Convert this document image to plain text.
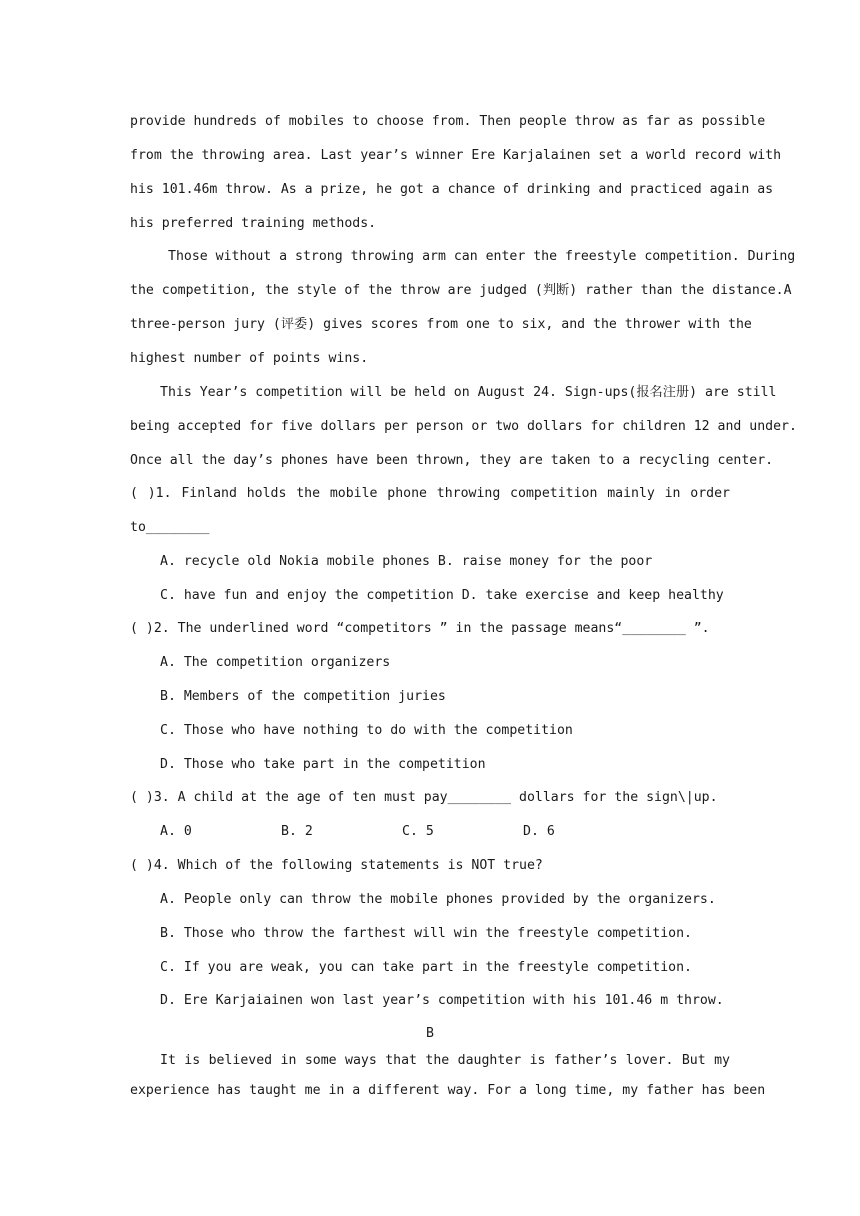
provide hundreds of mobiles to choose from. Then people throw as far as possible
from the throwing area. Last year’s winner Ere Karjalainen set a world record with
his 101.46m throw. As a prize, he got a chance of drinking and practiced again as
his preferred training methods.
Those without a strong throwing arm can enter the freestyle competition. During
the competition, the style of the throw are judged (判断) rather than the distance.A
three-person jury (评委) gives scores from one to six, and the thrower with the
highest number of points wins.
This Year’s competition will be held on August 24. Sign-ups(报名注册) are still
being accepted for five dollars per person or two dollars for children 12 and under.
Once all the day’s phones have been thrown, they are taken to a recycling center.
( )1. Finland holds the mobile phone throwing competition mainly in order
to________
A. recycle old Nokia mobile phones B. raise money for the poor
C. have fun and enjoy the competition D. take exercise and keep healthy
( )2. The underlined word “competitors ” in the passage means“________ ”.
A. The competition organizers
B. Members of the competition juries
C. Those who have nothing to do with the competition
D. Those who take part in the competition
( )3. A child at the age of ten must pay________ dollars for the sign\|up.
A. 0	B. 2	C. 5	D. 6
( )4. Which of the following statements is NOT true?
A. People only can throw the mobile phones provided by the organizers.
B. Those who throw the farthest will win the freestyle competition.
C. If you are weak, you can take part in the freestyle competition.
D. Ere Karjaiainen won last year’s competition with his 101.46 m throw.
B
It is believed in some ways that the daughter is father’s lover. But my
experience has taught me in a different way. For a long time, my father has been
